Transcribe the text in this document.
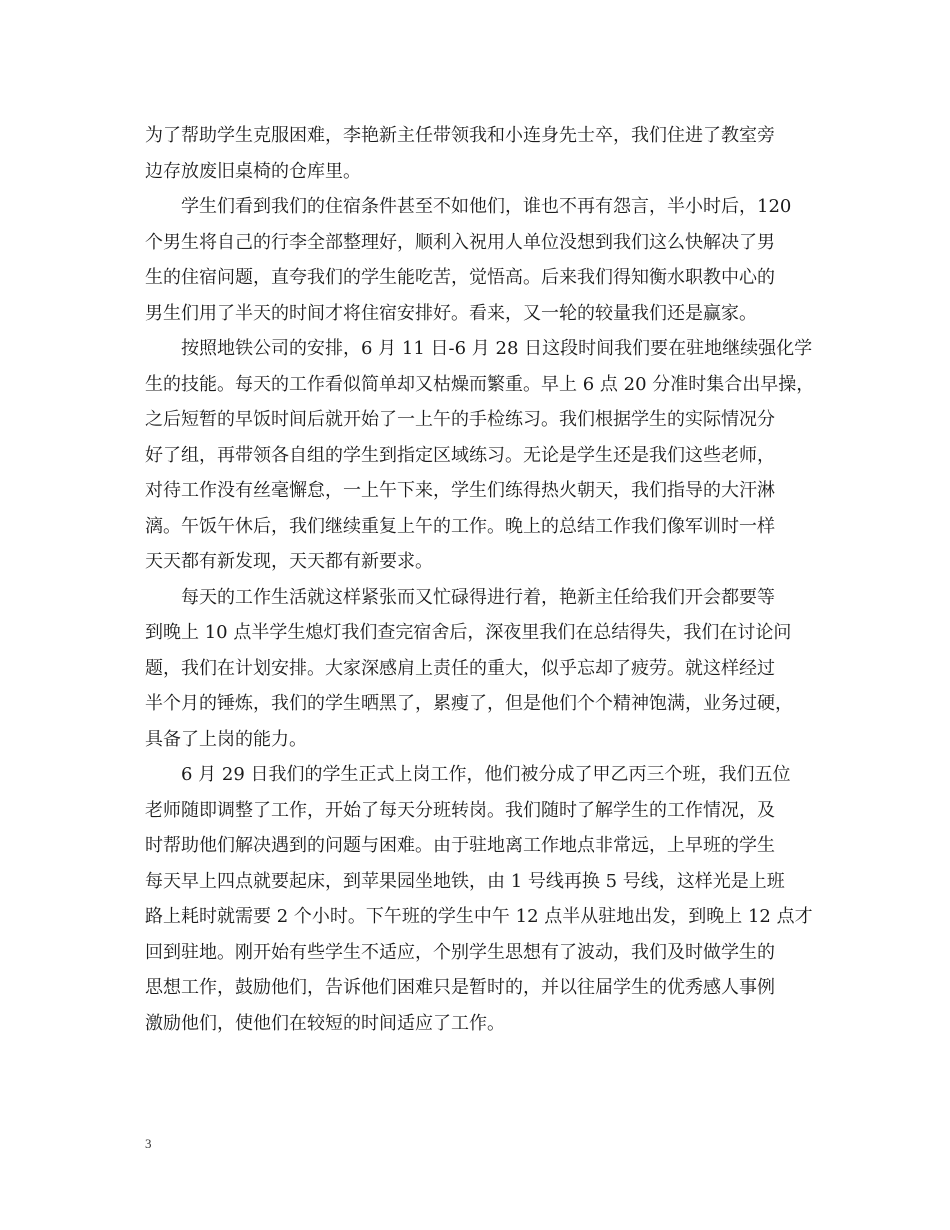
为了帮助学生克服困难，李艳新主任带领我和小连身先士卒，我们住进了教室旁
边存放废旧桌椅的仓库里。
学生们看到我们的住宿条件甚至不如他们，谁也不再有怨言，半小时后，120
个男生将自己的行李全部整理好，顺利入祝用人单位没想到我们这么快解决了男
生的住宿问题，直夸我们的学生能吃苦，觉悟高。后来我们得知衡水职教中心的
男生们用了半天的时间才将住宿安排好。看来，又一轮的较量我们还是赢家。
按照地铁公司的安排，6 月 11 日-6 月 28 日这段时间我们要在驻地继续强化学
生的技能。每天的工作看似简单却又枯燥而繁重。早上 6 点 20 分准时集合出早操，
之后短暂的早饭时间后就开始了一上午的手检练习。我们根据学生的实际情况分
好了组，再带领各自组的学生到指定区域练习。无论是学生还是我们这些老师，
对待工作没有丝毫懈怠，一上午下来，学生们练得热火朝天，我们指导的大汗淋
漓。午饭午休后，我们继续重复上午的工作。晚上的总结工作我们像军训时一样
天天都有新发现，天天都有新要求。
每天的工作生活就这样紧张而又忙碌得进行着，艳新主任给我们开会都要等
到晚上 10 点半学生熄灯我们查完宿舍后，深夜里我们在总结得失，我们在讨论问
题，我们在计划安排。大家深感肩上责任的重大，似乎忘却了疲劳。就这样经过
半个月的锤炼，我们的学生晒黑了，累瘦了，但是他们个个精神饱满，业务过硬，
具备了上岗的能力。
6 月 29 日我们的学生正式上岗工作，他们被分成了甲乙丙三个班，我们五位
老师随即调整了工作，开始了每天分班转岗。我们随时了解学生的工作情况，及
时帮助他们解决遇到的问题与困难。由于驻地离工作地点非常远，上早班的学生
每天早上四点就要起床，到苹果园坐地铁，由 1 号线再换 5 号线，这样光是上班
路上耗时就需要 2 个小时。下午班的学生中午 12 点半从驻地出发，到晚上 12 点才
回到驻地。刚开始有些学生不适应，个别学生思想有了波动，我们及时做学生的
思想工作，鼓励他们，告诉他们困难只是暂时的，并以往届学生的优秀感人事例
激励他们，使他们在较短的时间适应了工作。
3
